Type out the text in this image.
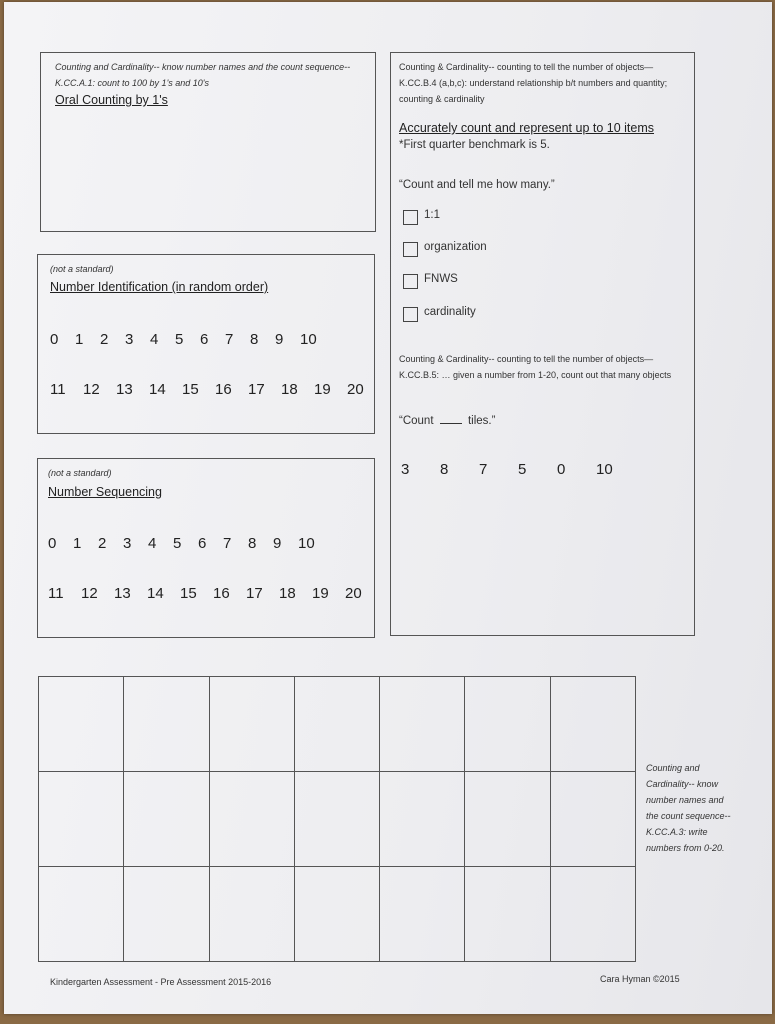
Counting and Cardinality-- know number names and the count sequence-- K.CC.A.1: count to 100 by 1's and 10's
Oral Counting by 1's
(not a standard)
Number Identification (in random order)
0	1	2	3	4	5	6	7	8	9	10
11	12	13	14	15	16	17	18	19	20
(not a standard)
Number Sequencing
0	1	2	3	4	5	6	7	8	9	10
11	12	13	14	15	16	17	18	19	20
Counting & Cardinality-- counting to tell the number of objects—K.CC.B.4 (a,b,c): understand relationship b/t numbers and quantity; counting & cardinality
Accurately count and represent up to 10 items
*First quarter benchmark is 5.
“Count and tell me how many.”
1:1
organization
FNWS
cardinality
Counting & Cardinality-- counting to tell the number of objects—K.CC.B.5: … given a number from 1-20, count out that many objects
“Count	tiles.”
3	8	7	5	0	10

Counting and Cardinality-- know number names and the count sequence-- K.CC.A.3: write numbers from 0-20.
Kindergarten Assessment - Pre Assessment 2015-2016	Cara Hyman ©2015
